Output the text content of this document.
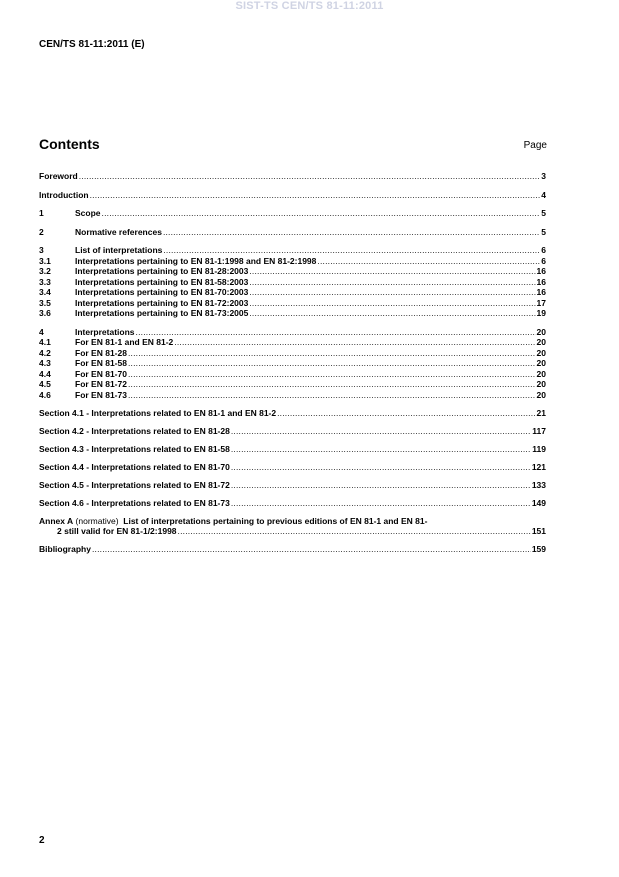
SIST-TS CEN/TS 81-11:2011
CEN/TS 81-11:2011 (E)
Contents	Page
Foreword .....	3
Introduction .....	4
1	Scope .....	5
2	Normative references .....	5
3	List of interpretations .....	6
3.1	Interpretations pertaining to EN 81-1:1998 and EN 81-2:1998 .....	6
3.2	Interpretations pertaining to EN 81-28:2003 .....	16
3.3	Interpretations pertaining to EN 81-58:2003 .....	16
3.4	Interpretations pertaining to EN 81-70:2003 .....	16
3.5	Interpretations pertaining to EN 81-72:2003 .....	17
3.6	Interpretations pertaining to EN 81-73:2005 .....	19
4	Interpretations .....	20
4.1	For EN 81-1 and EN 81-2 .....	20
4.2	For EN 81-28 .....	20
4.3	For EN 81-58 .....	20
4.4	For EN 81-70 .....	20
4.5	For EN 81-72 .....	20
4.6	For EN 81-73 .....	20
Section 4.1 - Interpretations related to EN 81-1 and EN 81-2 .....	21
Section 4.2 - Interpretations related to EN 81-28 .....	117
Section 4.3 - Interpretations related to EN 81-58 .....	119
Section 4.4 - Interpretations related to EN 81-70 .....	121
Section 4.5 - Interpretations related to EN 81-72 .....	133
Section 4.6 - Interpretations related to EN 81-73 .....	149
Annex A
(normative)
List of interpretations pertaining to previous editions of EN 81-1 and EN 81-
2 still valid for EN 81-1/2:1998 .....	151
Bibliography .....	159
2
